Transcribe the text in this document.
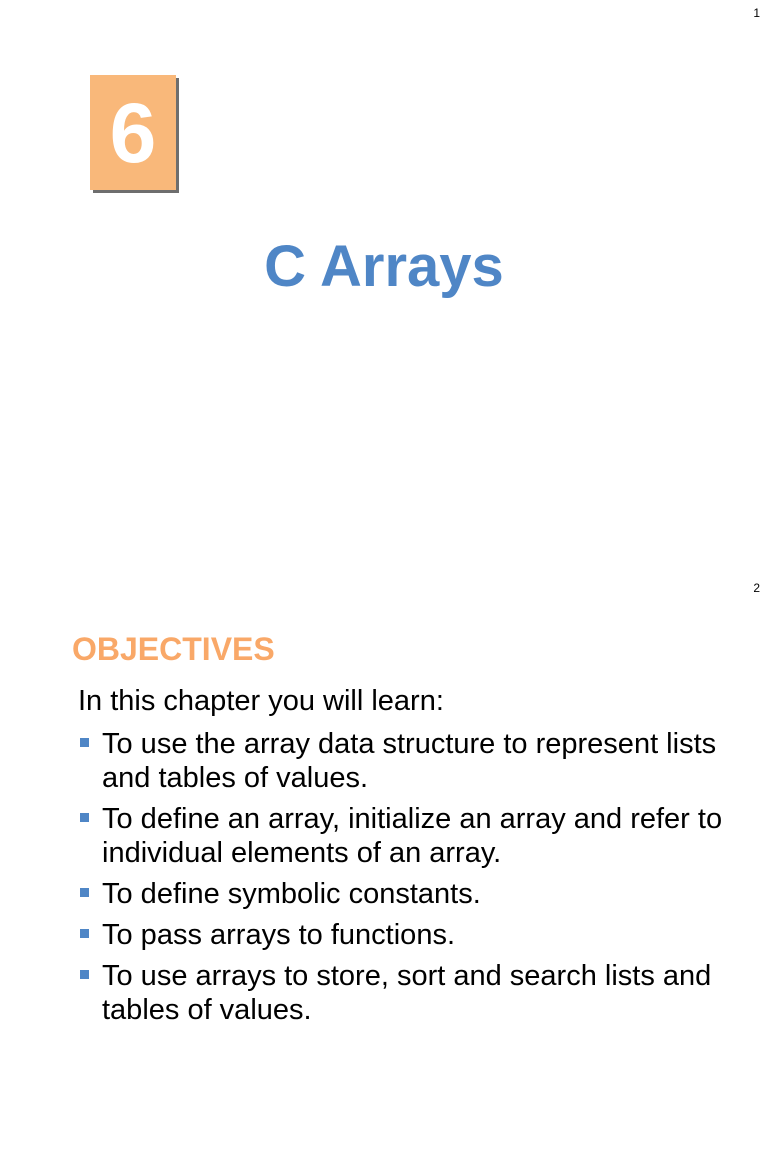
1
6
C Arrays
2
OBJECTIVES
In this chapter you will learn:
To use the array data structure to represent lists and tables of values.
To define an array, initialize an array and refer to individual elements of an array.
To define symbolic constants.
To pass arrays to functions.
To use arrays to store, sort and search lists and tables of values.
